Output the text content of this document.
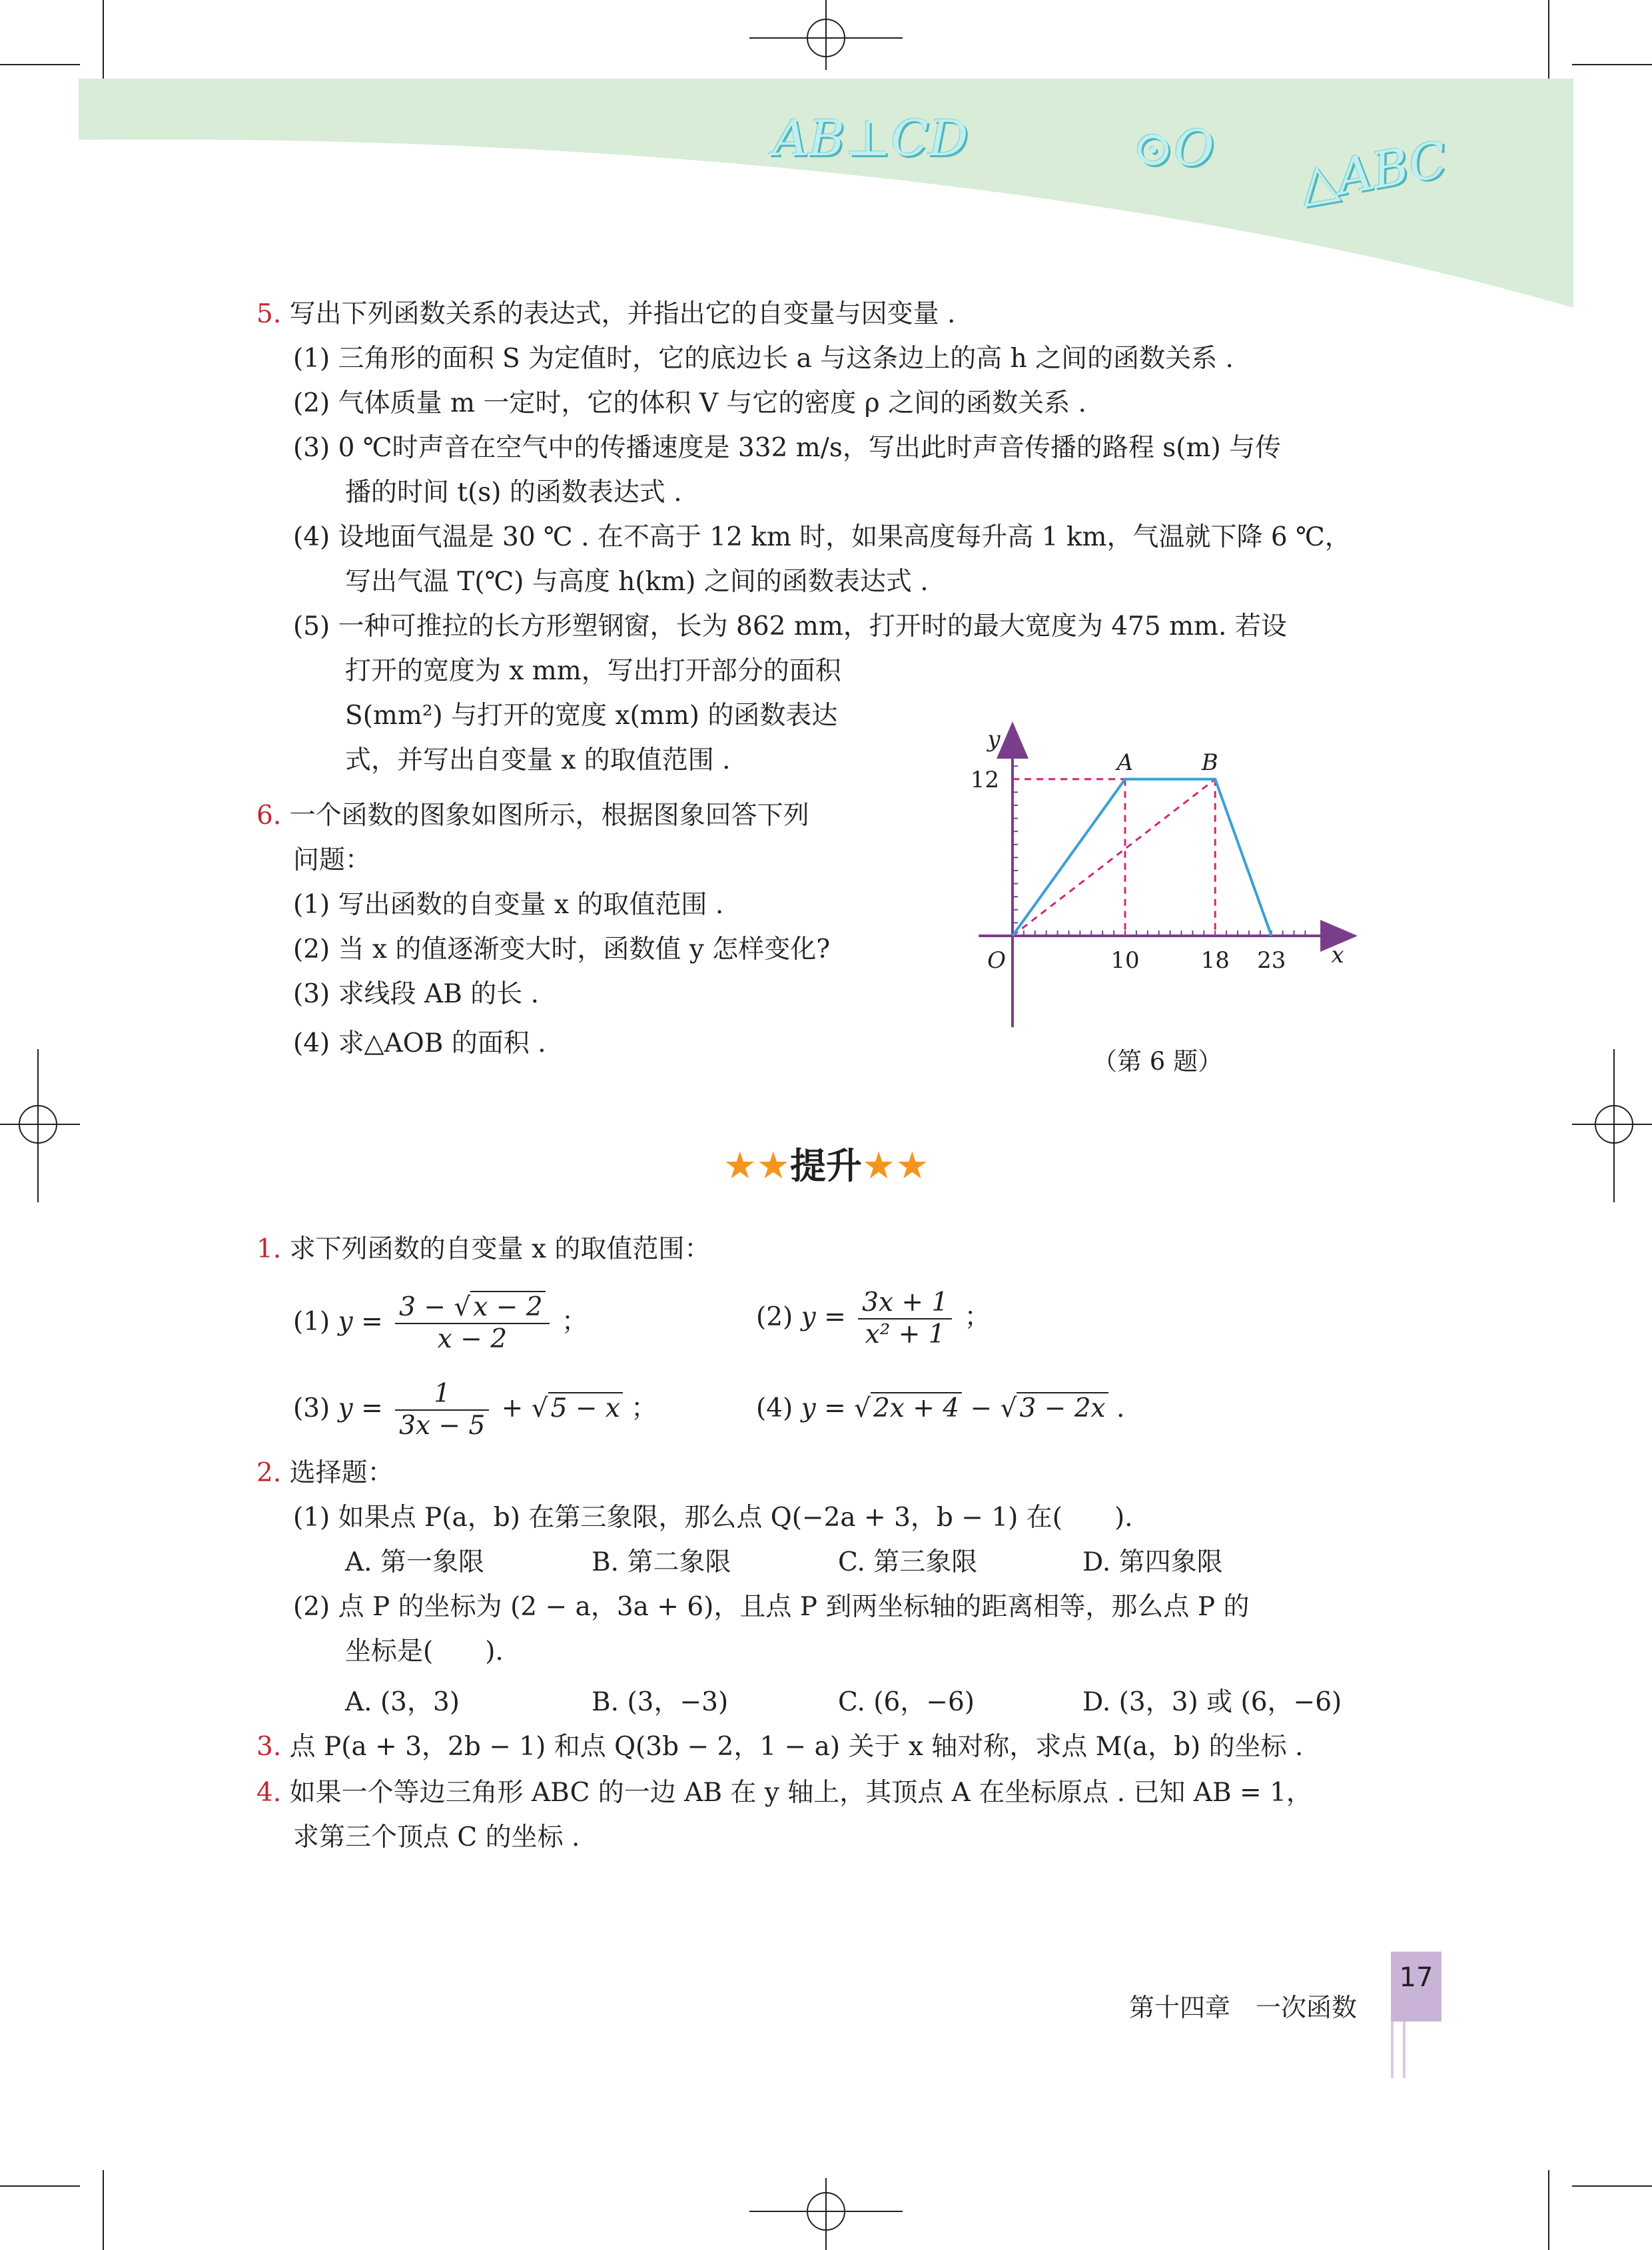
AB⊥CD	⊙O △ABC
5. 写出下列函数关系的表达式，并指出它的自变量与因变量 .
(1) 三角形的面积 S 为定值时，它的底边长 a 与这条边上的高 h 之间的函数关系 .
(2) 气体质量 m 一定时，它的体积 V 与它的密度 ρ 之间的函数关系 .
(3) 0 ℃时声音在空气中的传播速度是 332 m/s，写出此时声音传播的路程 s(m) 与传
播的时间 t(s) 的函数表达式 .
(4) 设地面气温是 30 ℃ . 在不高于 12 km 时，如果高度每升高 1 km，气温就下降 6 ℃，
写出气温 T(℃) 与高度 h(km) 之间的函数表达式 .
(5) 一种可推拉的长方形塑钢窗，长为 862 mm，打开时的最大宽度为 475 mm. 若设
打开的宽度为 x mm，写出打开部分的面积
S(mm²) 与打开的宽度 x(mm) 的函数表达
式，并写出自变量 x 的取值范围 .
6. 一个函数的图象如图所示，根据图象回答下列
问题：
(1) 写出函数的自变量 x 的取值范围 .
(2) 当 x 的值逐渐变大时，函数值 y 怎样变化?
(3) 求线段 AB 的长 .
(4) 求△AOB 的面积 .
10	18 23
12
O
A	B
x
y
（第 6 题）
★★提升★★
1. 求下列函数的自变量 x 的取值范围：
(1) $y = \frac{3 - √ x - 2}{x - 2}$ ；	(2) $y = \frac{3x + 1}{\text{x² + 1}}$ ；
(3) $y = \frac{1}{3x - 5}$ + √ 5 − x ；	(4) y = √ 2x + 4 − √ 3 − 2x .
2. 选择题：
(1) 如果点 P(a，b) 在第三象限，那么点 Q(−2a + 3，b − 1) 在(　　).
A. 第一象限	B. 第二象限	C. 第三象限	D. 第四象限
(2) 点 P 的坐标为 (2 − a，3a + 6)，且点 P 到两坐标轴的距离相等，那么点 P 的
坐标是(　　).
A. (3，3)	B. (3，−3)	C. (6，−6)	D. (3，3) 或 (6，−6)
3. 点 P(a + 3，2b − 1) 和点 Q(3b − 2，1 − a) 关于 x 轴对称，求点 M(a，b) 的坐标 .
4. 如果一个等边三角形 ABC 的一边 AB 在 y 轴上，其顶点 A 在坐标原点 . 已知 AB = 1，
求第三个顶点 C 的坐标 .
第十四章　一次函数
17
